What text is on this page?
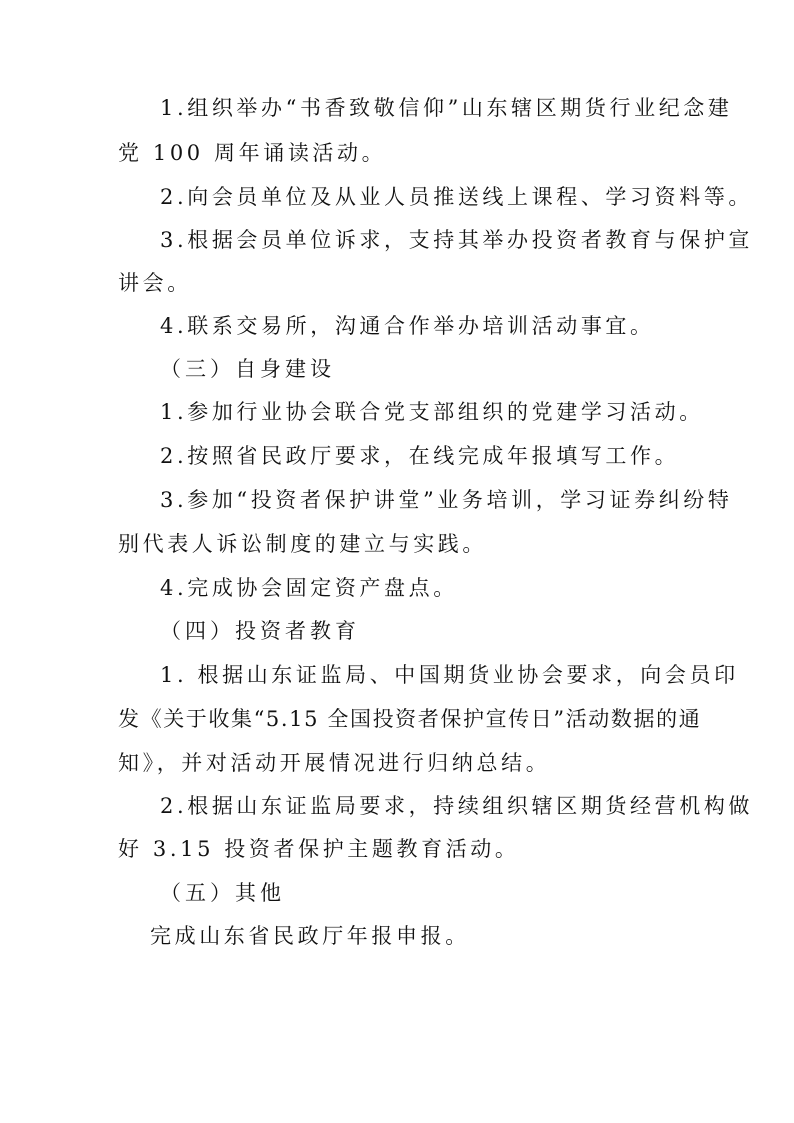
1.组织举办“书香致敬信仰”山东辖区期货行业纪念建
党 100 周年诵读活动。
2.向会员单位及从业人员推送线上课程、学习资料等。
3.根据会员单位诉求，支持其举办投资者教育与保护宣
讲会。
4.联系交易所，沟通合作举办培训活动事宜。
（三）自身建设
1.参加行业协会联合党支部组织的党建学习活动。
2.按照省民政厅要求，在线完成年报填写工作。
3.参加“投资者保护讲堂”业务培训，学习证券纠纷特
别代表人诉讼制度的建立与实践。
4.完成协会固定资产盘点。
（四）投资者教育
1. 根据山东证监局、中国期货业协会要求，向会员印
发《关于收集“5.15 全国投资者保护宣传日”活动数据的通
知》，并对活动开展情况进行归纳总结。
2.根据山东证监局要求，持续组织辖区期货经营机构做
好 3.15 投资者保护主题教育活动。
（五）其他
完成山东省民政厅年报申报。
